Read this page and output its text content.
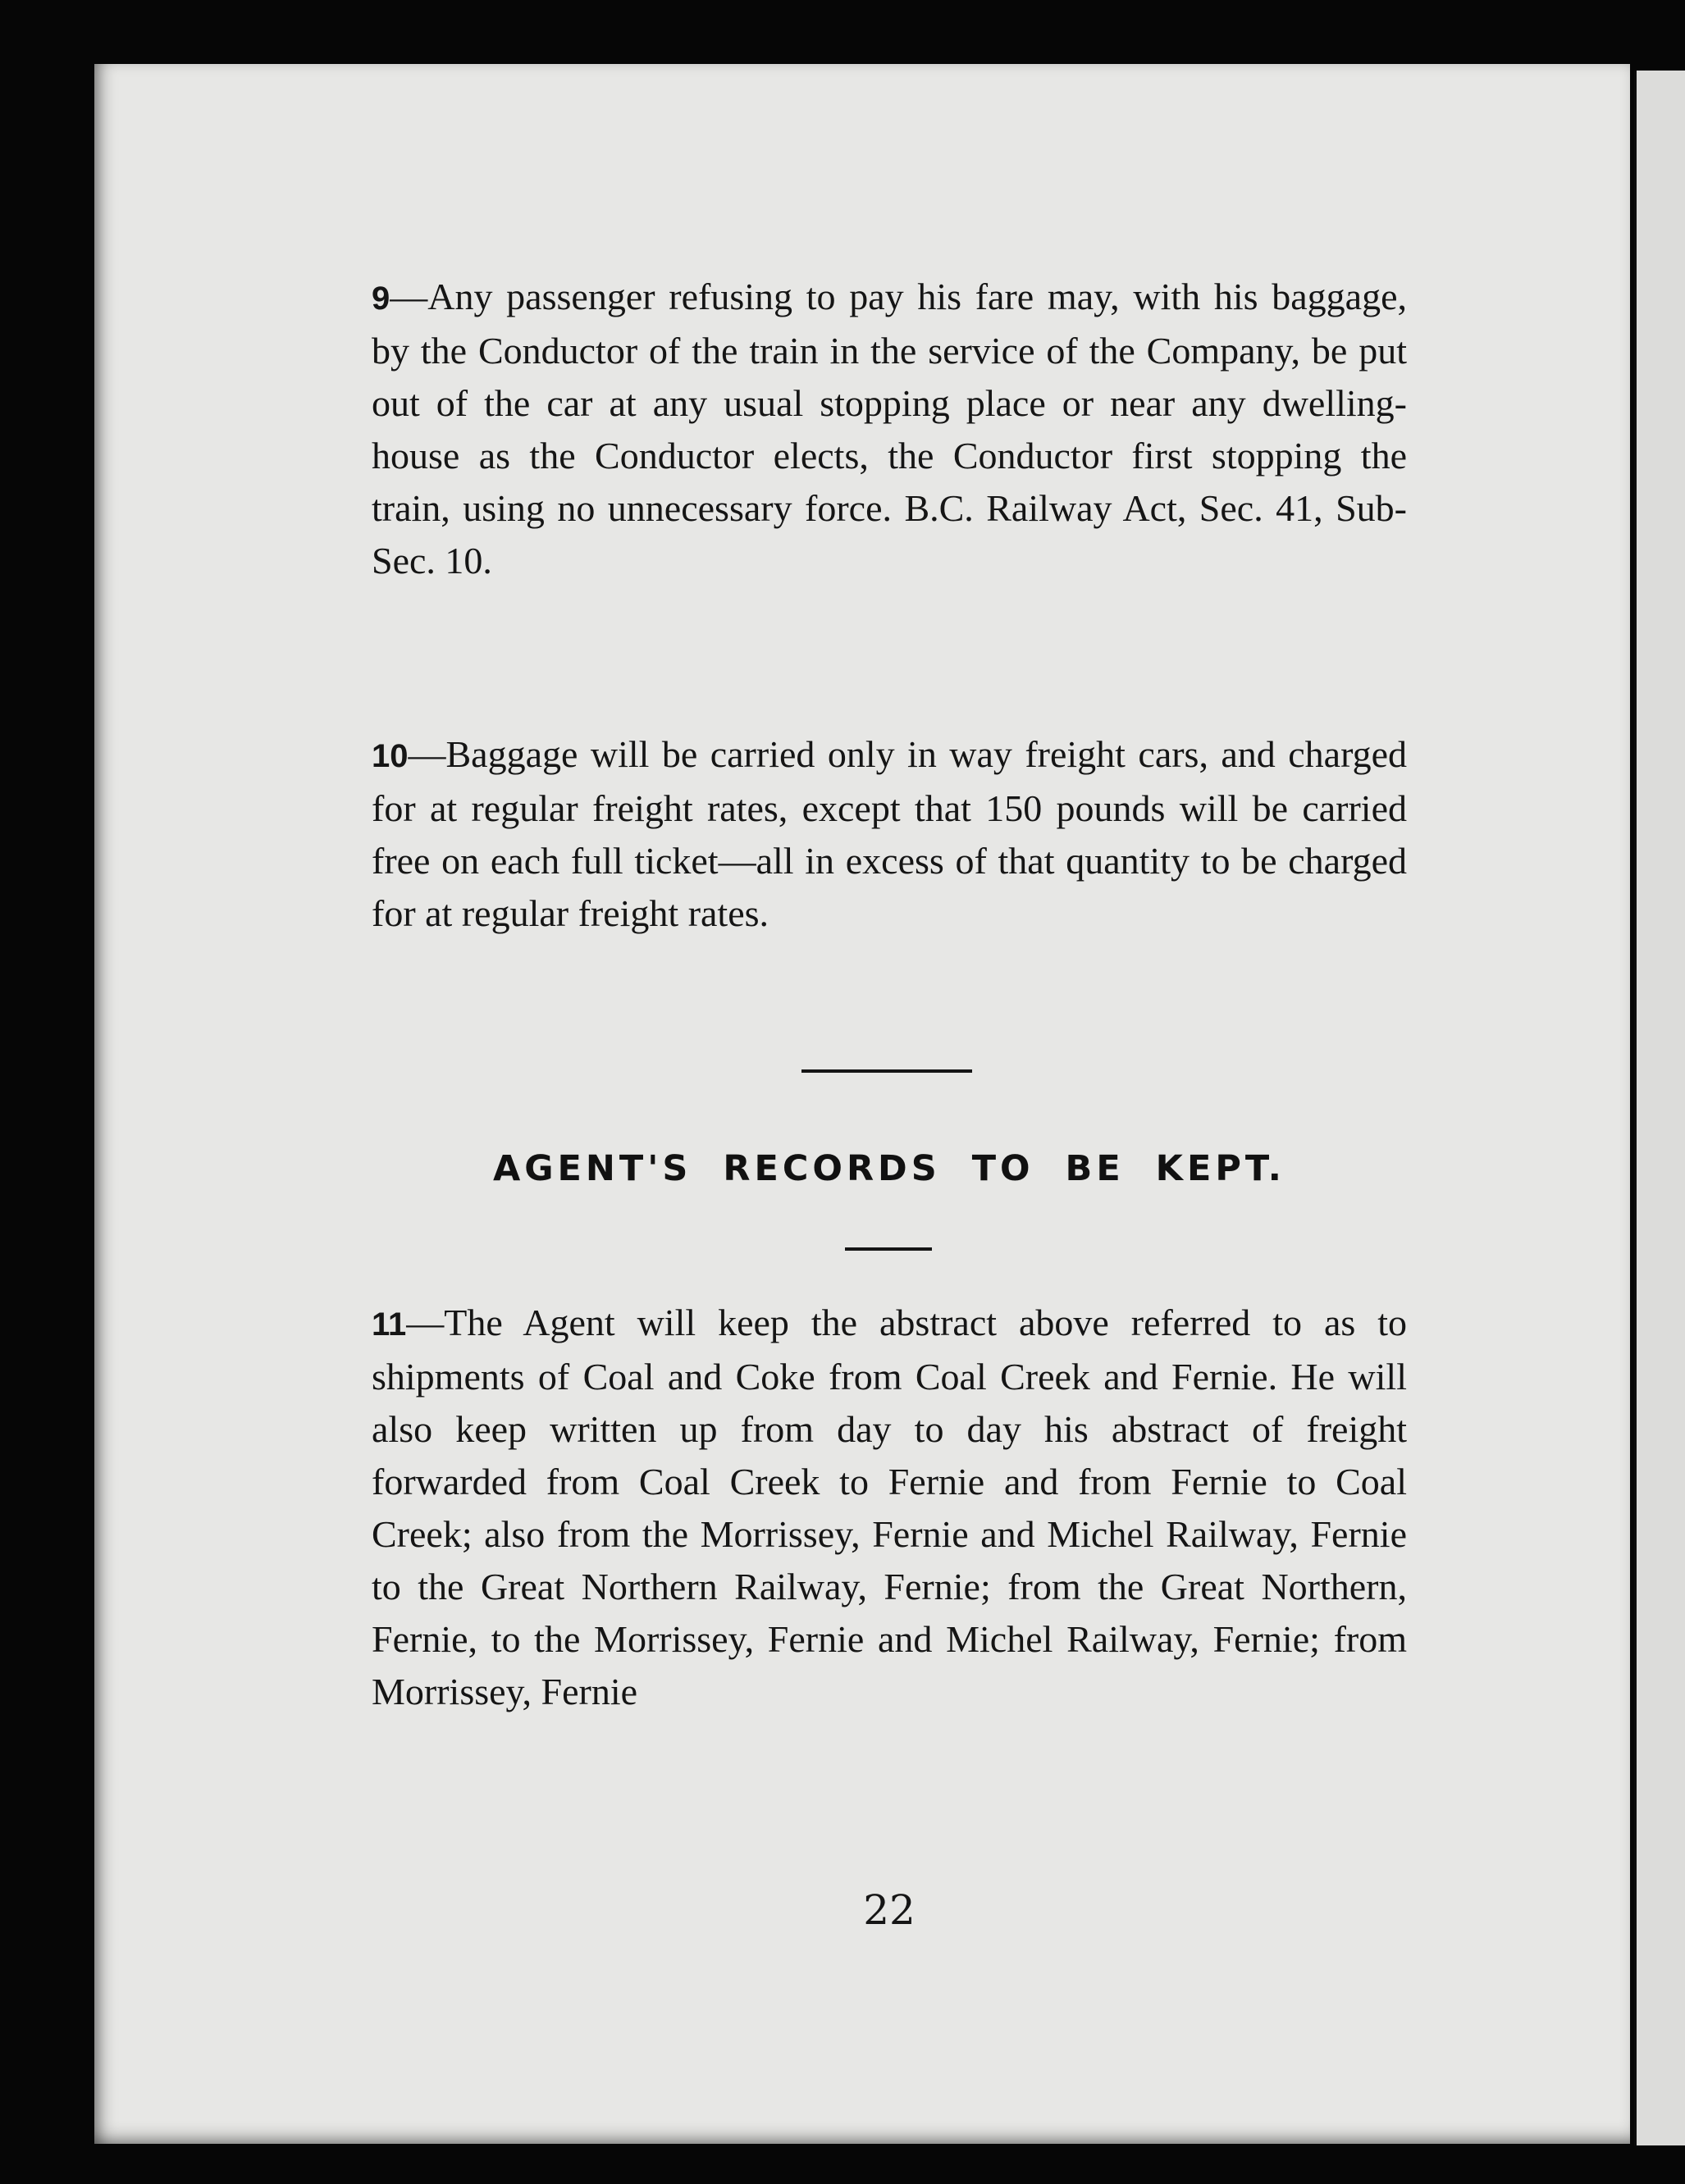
9—Any passenger refusing to pay his fare may, with his baggage, by the Conductor of the train in the service of the Company, be put out of the car at any usual stopping place or near any dwelling-house as the Conductor elects, the Conductor first stopping the train, using no unnecessary force. B.C. Railway Act, Sec. 41, Sub-Sec. 10.
10—Baggage will be carried only in way freight cars, and charged for at regular freight rates, except that 150 pounds will be carried free on each full ticket—all in excess of that quantity to be charged for at regular freight rates.
AGENT'S RECORDS TO BE KEPT.
11—The Agent will keep the abstract above referred to as to shipments of Coal and Coke from Coal Creek and Fernie. He will also keep written up from day to day his abstract of freight forwarded from Coal Creek to Fernie and from Fernie to Coal Creek; also from the Morrissey, Fernie and Michel Railway, Fernie to the Great Northern Railway, Fernie; from the Great Northern, Fernie, to the Morrissey, Fernie and Michel Railway, Fernie; from Morrissey, Fernie
22
